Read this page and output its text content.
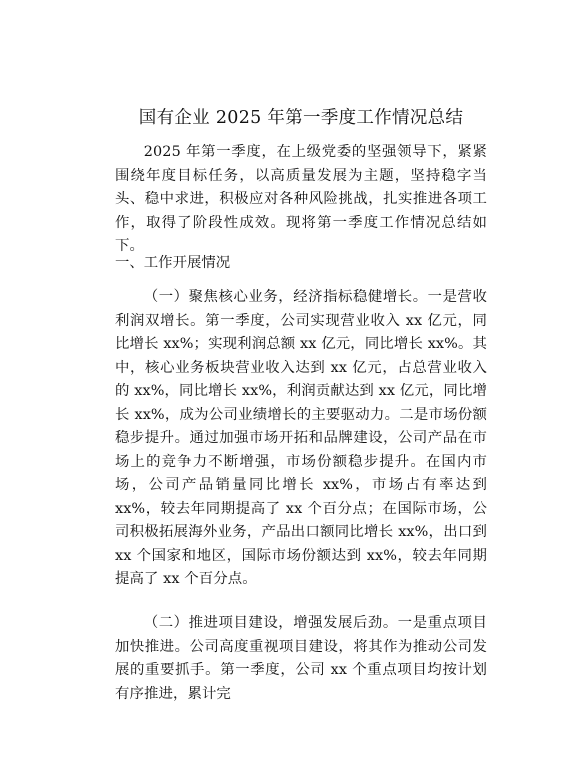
国有企业 2025 年第一季度工作情况总结

2025 年第一季度，在上级党委的坚强领导下，紧紧围绕年度目标任务，以高质量发展为主题，坚持稳字当头、稳中求进，积极应对各种风险挑战，扎实推进各项工作，取得了阶段性成效。现将第一季度工作情况总结如下。

一、工作开展情况

（一）聚焦核心业务，经济指标稳健增长。一是营收利润双增长。第一季度，公司实现营业收入 xx 亿元，同比增长 xx%；实现利润总额 xx 亿元，同比增长 xx%。其中，核心业务板块营业收入达到 xx 亿元，占总营业收入的 xx%，同比增长 xx%，利润贡献达到 xx 亿元，同比增长 xx%，成为公司业绩增长的主要驱动力。二是市场份额稳步提升。通过加强市场开拓和品牌建设，公司产品在市场上的竞争力不断增强，市场份额稳步提升。在国内市场，公司产品销量同比增长 xx%，市场占有率达到 xx%，较去年同期提高了 xx 个百分点；在国际市场，公司积极拓展海外业务，产品出口额同比增长 xx%，出口到 xx 个国家和地区，国际市场份额达到 xx%，较去年同期提高了 xx 个百分点。

（二）推进项目建设，增强发展后劲。一是重点项目加快推进。公司高度重视项目建设，将其作为推动公司发展的重要抓手。第一季度，公司 xx 个重点项目均按计划有序推进，累计完
